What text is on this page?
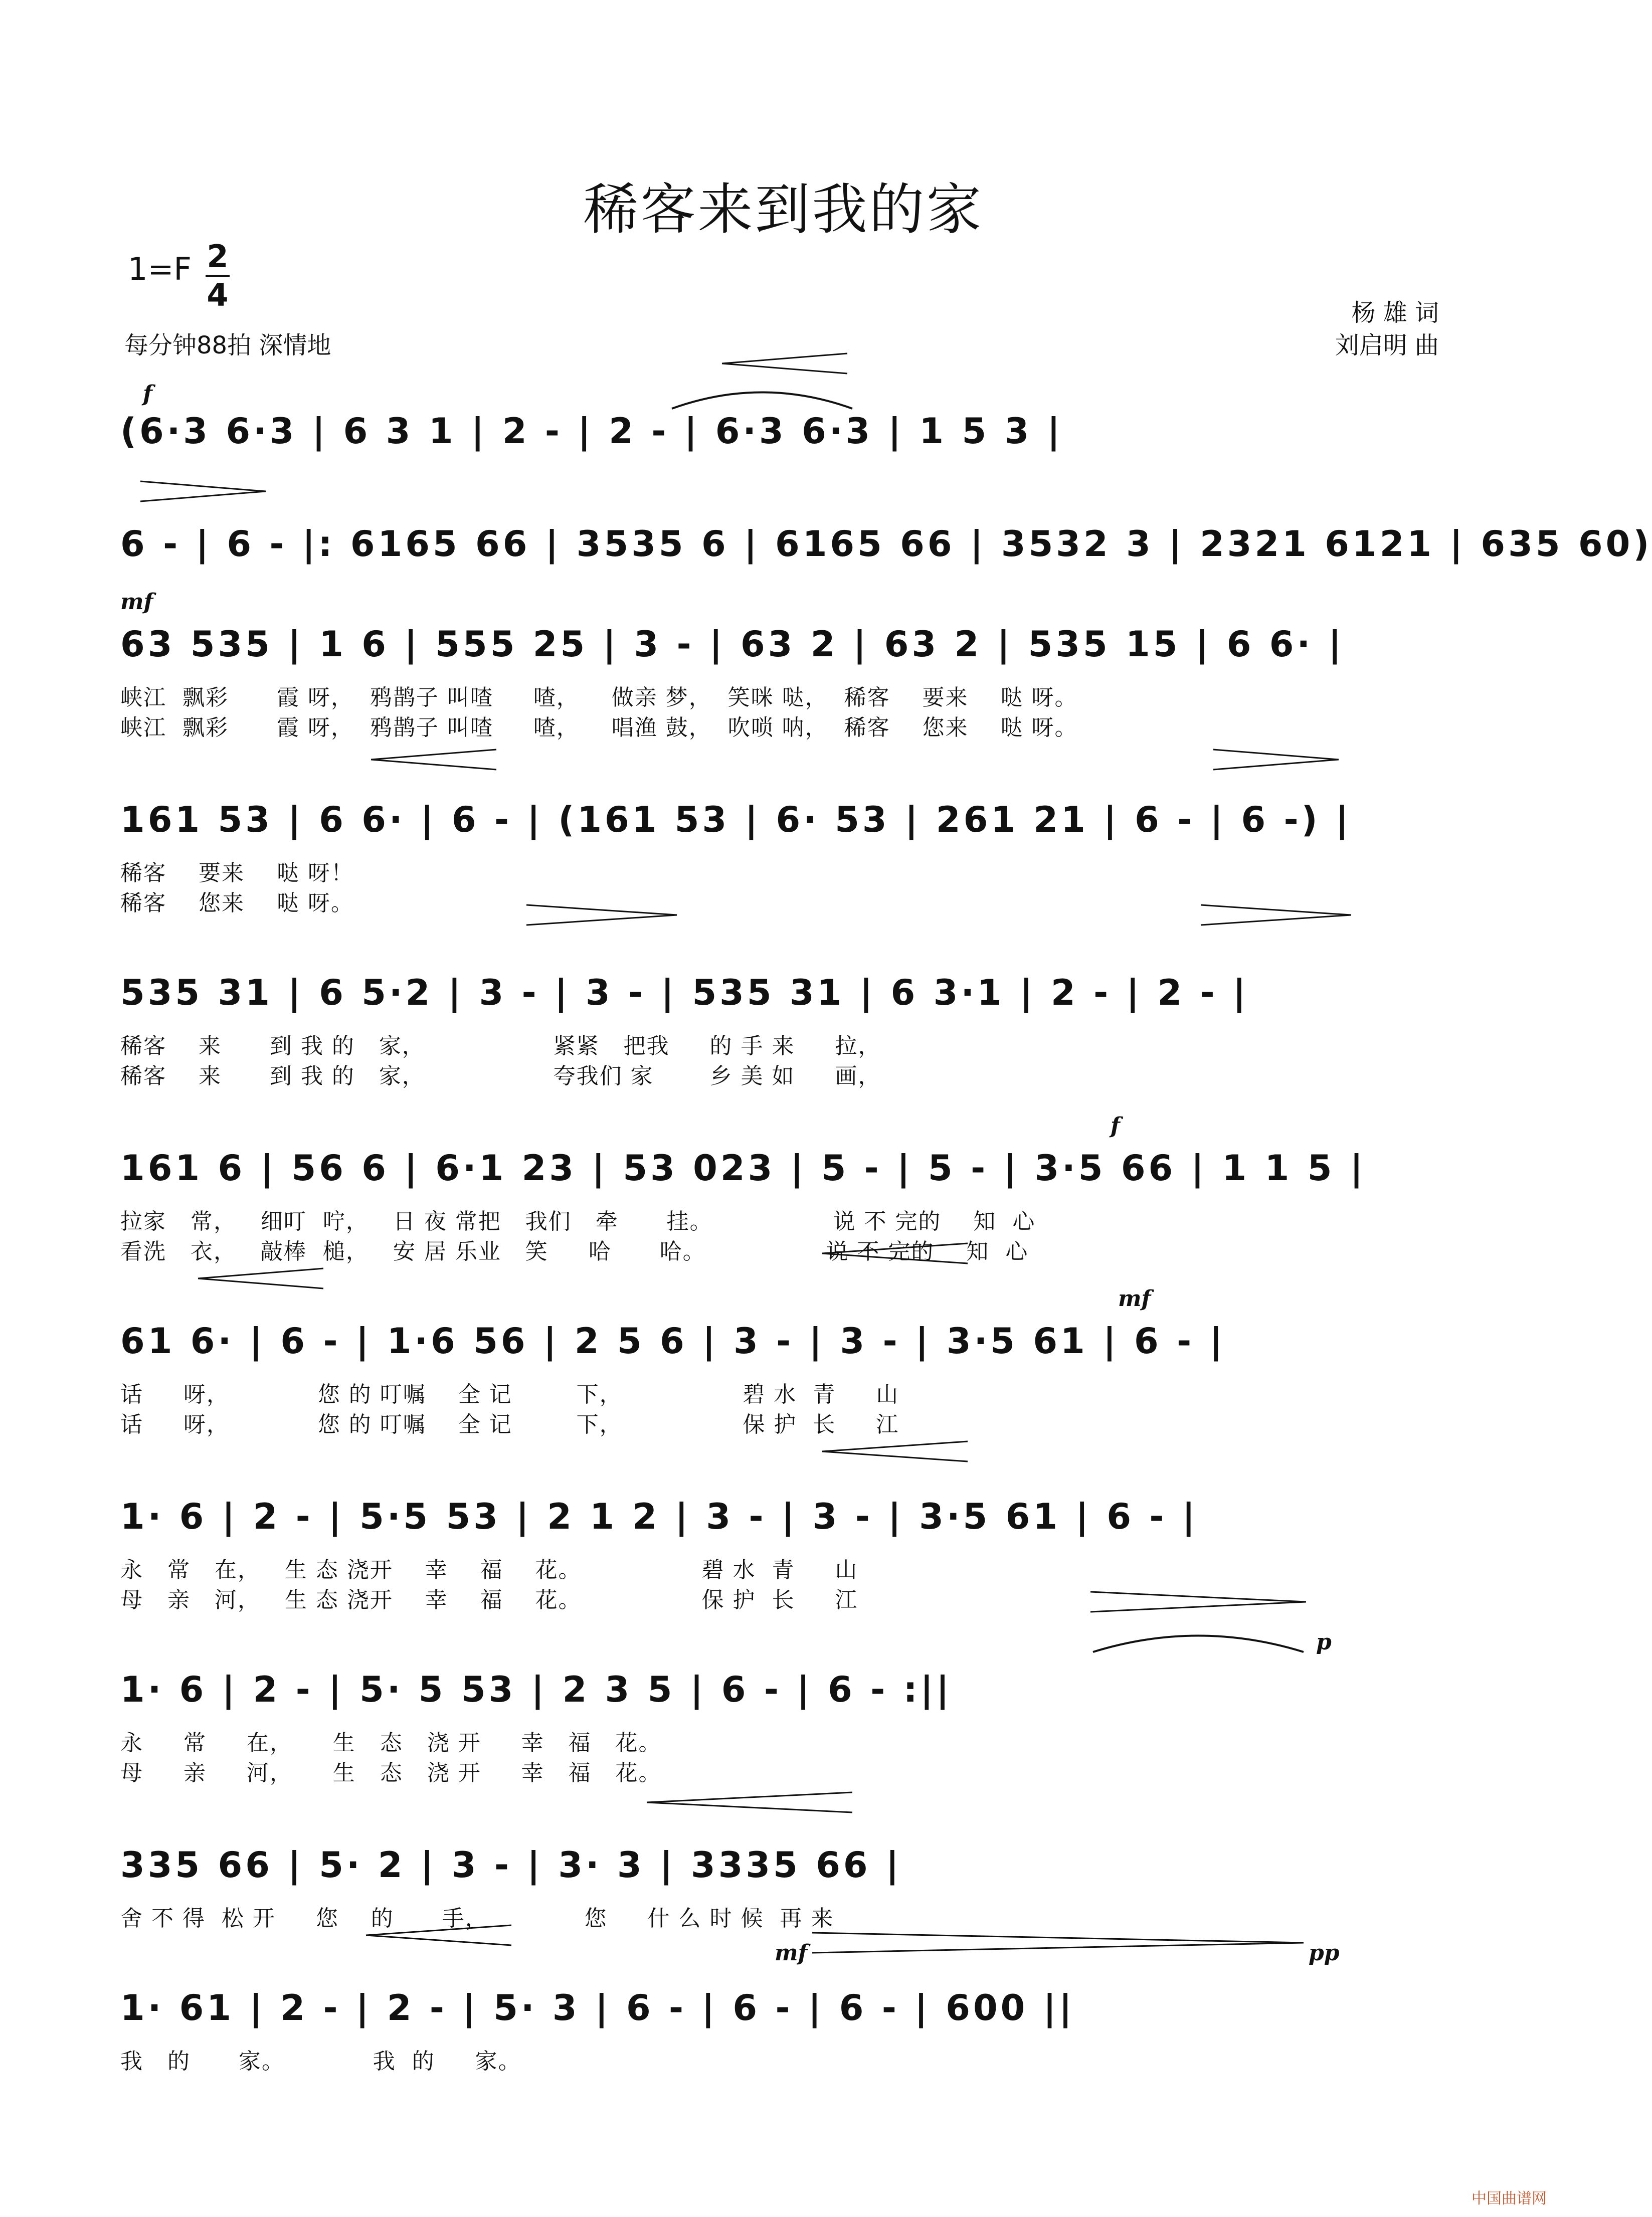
稀客来到我的家
1=F 2
4
每分钟88拍 深情地
杨 雄 词
刘启明 曲
f
(6·3 6·3 | 6 3 1 | 2 - | 2 - | 6·3 6·3 | 1 5 3 |
6 - | 6 - |: 6165 66 | 3535 6 | 6165 66 | 3532 3 | 2321 6121 | 635 60)
mf
63 535 | 1 6 | 555 25 | 3 - | 63 2 | 63 2 | 535 15 | 6 6· |
峡江  飘彩      霞 呀，  鸦鹊子 叫喳     喳，    做亲 梦，  笑咪 哒，  稀客    要来    哒 呀。
峡江  飘彩      霞 呀，  鸦鹊子 叫喳     喳，    唱渔 鼓，  吹唢 呐，  稀客    您来    哒 呀。
161 53 | 6 6· | 6 - | (161 53 | 6· 53 | 261 21 | 6 - | 6 -) |
稀客    要来    哒 呀！
稀客    您来    哒 呀。
535 31 | 6 5·2 | 3 - | 3 - | 535 31 | 6 3·1 | 2 - | 2 - |
稀客    来      到 我 的   家，                紧紧   把我     的 手 来     拉，
稀客    来      到 我 的   家，                夸我们 家       乡 美 如     画，
f
161 6 | 56 6 | 6·1 23 | 53 023 | 5 - | 5 - | 3·5 66 | 1 1 5 |
拉家   常，   细叮  咛，   日 夜 常把   我们   牵      挂。               说 不 完的    知  心
看洗   衣，   敲棒  槌，   安 居 乐业   笑     哈      哈。               说 不 完的    知  心
mf
61 6· | 6 - | 1·6 56 | 2 5 6 | 3 - | 3 - | 3·5 61 | 6 - |
话     呀，           您 的 叮嘱    全 记        下，               碧 水  青     山
话     呀，           您 的 叮嘱    全 记        下，               保 护  长     江
1· 6 | 2 - | 5·5 53 | 2 1 2 | 3 - | 3 - | 3·5 61 | 6 - |
永   常   在，   生 态 浇开    幸    福    花。               碧 水  青     山
母   亲   河，   生 态 浇开    幸    福    花。               保 护  长     江
p
1· 6 | 2 - | 5· 5 53 | 2 3 5 | 6 - | 6 - :||
永     常     在，     生   态   浇 开     幸   福   花。
母     亲     河，     生   态   浇 开     幸   福   花。
335 66 | 5· 2 | 3 - | 3· 3 | 3335 66 |
舍 不 得  松 开     您    的      手，            您     什 么 时 候  再 来
mf	pp
1· 61 | 2 - | 2 - | 5· 3 | 6 - | 6 - | 6 - | 600 ||
我   的      家。           我  的     家。
中国曲谱网
